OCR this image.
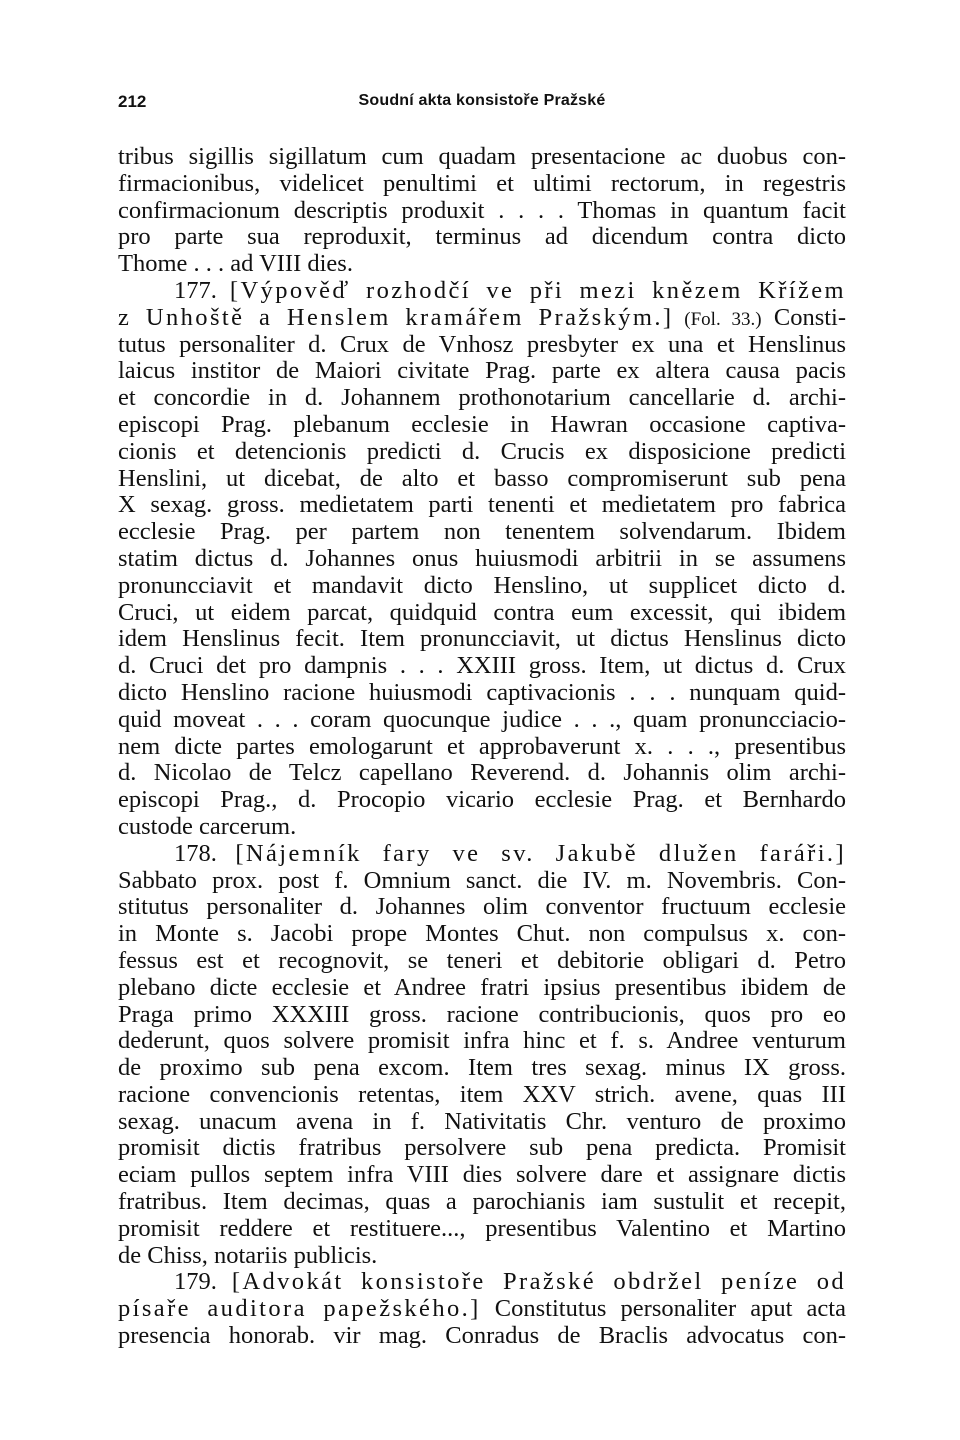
212	Soudní akta konsistoře Pražské
tribus sigillis sigillatum cum quadam presentacione ac duobus con-
firmacionibus, videlicet penultimi et ultimi rectorum, in regestris
confirmacionum descriptis produxit . . . . Thomas in quantum facit
pro parte sua reproduxit, terminus ad dicendum contra dicto
Thome . . . ad VIII dies.
177. [Výpověď rozhodčí ve při mezi knězem Křížem
z Unhoště a Henslem kramářem Pražským.] (Fol. 33.) Consti-
tutus personaliter d. Crux de Vnhosz presbyter ex una et Henslinus
laicus institor de Maiori civitate Prag. parte ex altera causa pacis
et concordie in d. Johannem prothonotarium cancellarie d. archi-
episcopi Prag. plebanum ecclesie in Hawran occasione captiva-
cionis et detencionis predicti d. Crucis ex disposicione predicti
Henslini, ut dicebat, de alto et basso compromiserunt sub pena
X sexag. gross. medietatem parti tenenti et medietatem pro fabrica
ecclesie Prag. per partem non tenentem solvendarum. Ibidem
statim dictus d. Johannes onus huiusmodi arbitrii in se assumens
pronuncciavit et mandavit dicto Henslino, ut supplicet dicto d.
Cruci, ut eidem parcat, quidquid contra eum excessit, qui ibidem
idem Henslinus fecit. Item pronuncciavit, ut dictus Henslinus dicto
d. Cruci det pro dampnis . . . XXIII gross. Item, ut dictus d. Crux
dicto Henslino racione huiusmodi captivacionis . . . nunquam quid-
quid moveat . . . coram quocunque judice . . ., quam pronuncciacio-
nem dicte partes emologarunt et approbaverunt x. . . ., presentibus
d. Nicolao de Telcz capellano Reverend. d. Johannis olim archi-
episcopi Prag., d. Procopio vicario ecclesie Prag. et Bernhardo
custode carcerum.
178. [Nájemník fary ve sv. Jakubě dlužen faráři.]
Sabbato prox. post f. Omnium sanct. die IV. m. Novembris. Con-
stitutus personaliter d. Johannes olim conventor fructuum ecclesie
in Monte s. Jacobi prope Montes Chut. non compulsus x. con-
fessus est et recognovit, se teneri et debitorie obligari d. Petro
plebano dicte ecclesie et Andree fratri ipsius presentibus ibidem de
Praga primo XXXIII gross. racione contribucionis, quos pro eo
dederunt, quos solvere promisit infra hinc et f. s. Andree venturum
de proximo sub pena excom. Item tres sexag. minus IX gross.
racione convencionis retentas, item XXV strich. avene, quas III
sexag. unacum avena in f. Nativitatis Chr. venturo de proximo
promisit dictis fratribus persolvere sub pena predicta. Promisit
eciam pullos septem infra VIII dies solvere dare et assignare dictis
fratribus. Item decimas, quas a parochianis iam sustulit et recepit,
promisit reddere et restituere..., presentibus Valentino et Martino
de Chiss, notariis publicis.
179. [Advokát konsistoře Pražské obdržel peníze od
písaře auditora papežského.] Constitutus personaliter aput acta
presencia honorab. vir mag. Conradus de Braclis advocatus con-
